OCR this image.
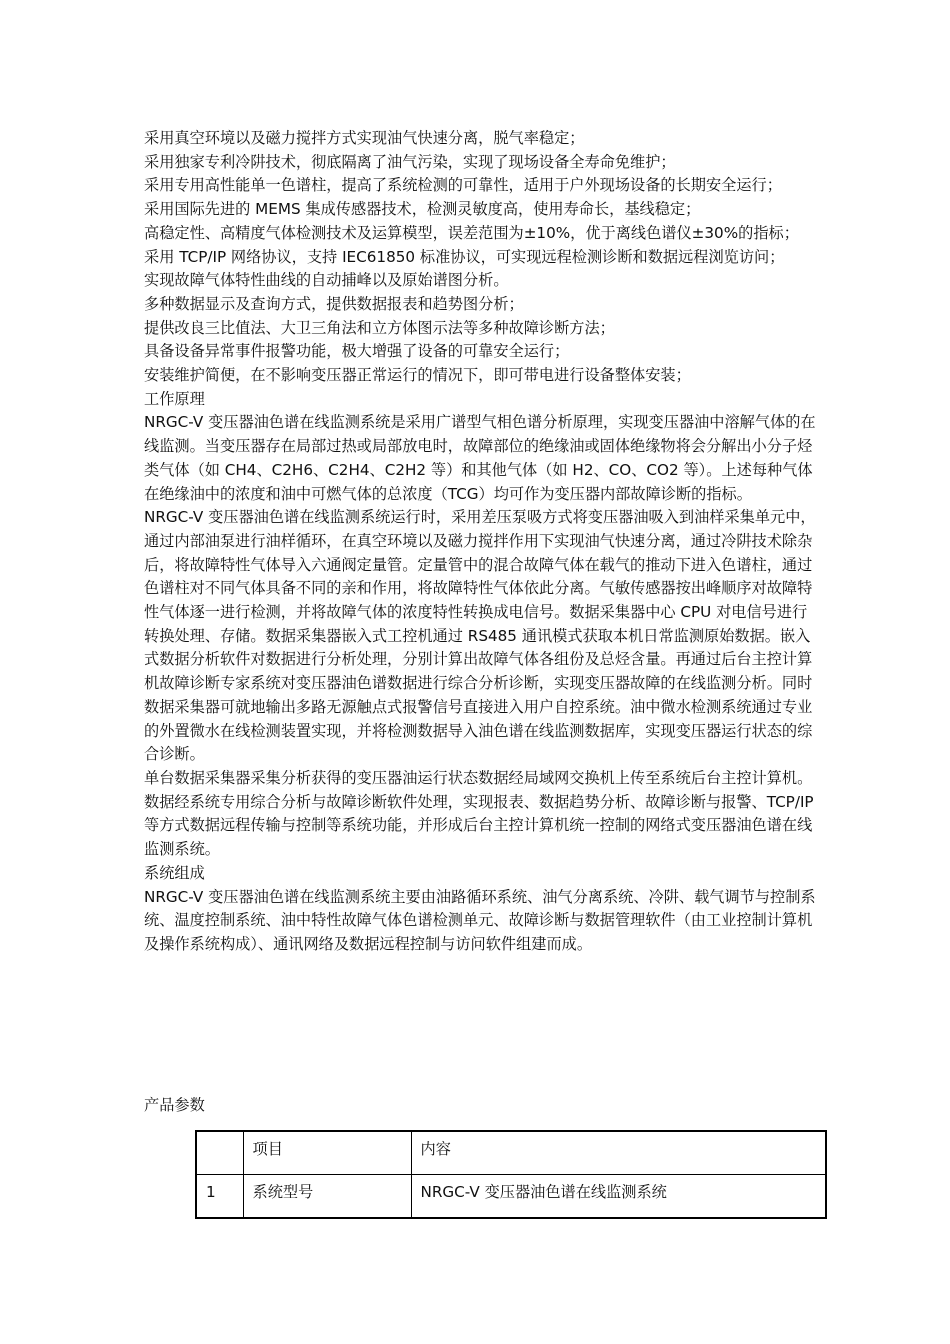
采用真空环境以及磁力搅拌方式实现油气快速分离，脱气率稳定；

采用独家专利冷阱技术，彻底隔离了油气污染，实现了现场设备全寿命免维护；

采用专用高性能单一色谱柱，提高了系统检测的可靠性，适用于户外现场设备的长期安全运行；

采用国际先进的 MEMS 集成传感器技术，检测灵敏度高，使用寿命长，基线稳定；

高稳定性、高精度气体检测技术及运算模型，误差范围为±10%，优于离线色谱仪±30%的指标；

采用 TCP/IP 网络协议，支持 IEC61850 标准协议，可实现远程检测诊断和数据远程浏览访问；

实现故障气体特性曲线的自动捕峰以及原始谱图分析。

多种数据显示及查询方式，提供数据报表和趋势图分析；

提供改良三比值法、大卫三角法和立方体图示法等多种故障诊断方法；

具备设备异常事件报警功能，极大增强了设备的可靠安全运行；

安装维护简便，在不影响变压器正常运行的情况下，即可带电进行设备整体安装；

工作原理

NRGC-V 变压器油色谱在线监测系统是采用广谱型气相色谱分析原理，实现变压器油中溶解气体的在线监测。当变压器存在局部过热或局部放电时，故障部位的绝缘油或固体绝缘物将会分解出小分子烃类气体（如 CH4、C2H6、C2H4、C2H2 等）和其他气体（如 H2、CO、CO2 等）。上述每种气体在绝缘油中的浓度和油中可燃气体的总浓度（TCG）均可作为变压器内部故障诊断的指标。

NRGC-V 变压器油色谱在线监测系统运行时，采用差压泵吸方式将变压器油吸入到油样采集单元中，通过内部油泵进行油样循环，在真空环境以及磁力搅拌作用下实现油气快速分离，通过冷阱技术除杂后，将故障特性气体导入六通阀定量管。定量管中的混合故障气体在载气的推动下进入色谱柱，通过色谱柱对不同气体具备不同的亲和作用，将故障特性气体依此分离。气敏传感器按出峰顺序对故障特性气体逐一进行检测，并将故障气体的浓度特性转换成电信号。数据采集器中心 CPU 对电信号进行转换处理、存储。数据采集器嵌入式工控机通过 RS485 通讯模式获取本机日常监测原始数据。嵌入式数据分析软件对数据进行分析处理，分别计算出故障气体各组份及总烃含量。再通过后台主控计算机故障诊断专家系统对变压器油色谱数据进行综合分析诊断，实现变压器故障的在线监测分析。同时数据采集器可就地输出多路无源触点式报警信号直接进入用户自控系统。油中微水检测系统通过专业的外置微水在线检测装置实现，并将检测数据导入油色谱在线监测数据库，实现变压器运行状态的综合诊断。

单台数据采集器采集分析获得的变压器油运行状态数据经局域网交换机上传至系统后台主控计算机。数据经系统专用综合分析与故障诊断软件处理，实现报表、数据趋势分析、故障诊断与报警、TCP/IP 等方式数据远程传输与控制等系统功能，并形成后台主控计算机统一控制的网络式变压器油色谱在线监测系统。

系统组成

NRGC-V 变压器油色谱在线监测系统主要由油路循环系统、油气分离系统、冷阱、载气调节与控制系统、温度控制系统、油中特性故障气体色谱检测单元、故障诊断与数据管理软件（由工业控制计算机及操作系统构成）、通讯网络及数据远程控制与访问软件组建而成。

产品参数

	项目	内容
1	系统型号	NRGC-V 变压器油色谱在线监测系统
